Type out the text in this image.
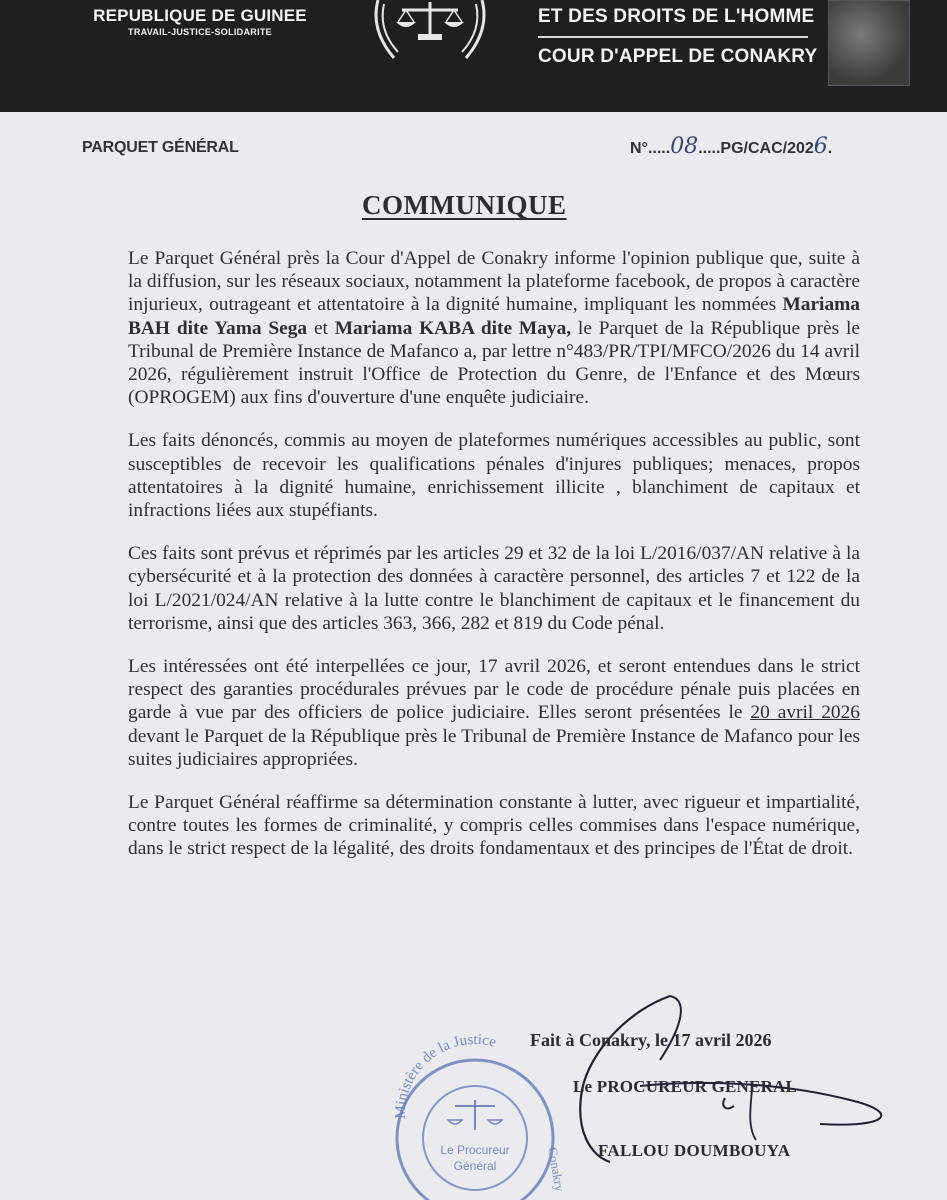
REPUBLIQUE DE GUINEE
TRAVAIL-JUSTICE-SOLIDARITE
ET DES DROITS DE L'HOMME
COUR D'APPEL DE CONAKRY
PARQUET GÉNÉRAL	N°.....08.....PG/CAC/2026.
COMMUNIQUE

Le Parquet Général près la Cour d'Appel de Conakry informe l'opinion publique que, suite à la diffusion, sur les réseaux sociaux, notamment la plateforme facebook, de propos à caractère injurieux, outrageant et attentatoire à la dignité humaine, impliquant les nommées Mariama BAH dite Yama Sega et Mariama KABA dite Maya, le Parquet de la République près le Tribunal de Première Instance de Mafanco a, par lettre n°483/PR/TPI/MFCO/2026 du 14 avril 2026, régulièrement instruit l'Office de Protection du Genre, de l'Enfance et des Mœurs (OPROGEM) aux fins d'ouverture d'une enquête judiciaire.

Les faits dénoncés, commis au moyen de plateformes numériques accessibles au public, sont susceptibles de recevoir les qualifications pénales d'injures publiques; menaces, propos attentatoires à la dignité humaine, enrichissement illicite , blanchiment de capitaux et infractions liées aux stupéfiants.

Ces faits sont prévus et réprimés par les articles 29 et 32 de la loi L/2016/037/AN relative à la cybersécurité et à la protection des données à caractère personnel, des articles 7 et 122 de la loi L/2021/024/AN relative à la lutte contre le blanchiment de capitaux et le financement du terrorisme, ainsi que des articles 363, 366, 282 et 819 du Code pénal.

Les intéressées ont été interpellées ce jour, 17 avril 2026, et seront entendues dans le strict respect des garanties procédurales prévues par le code de procédure pénale puis placées en garde à vue par des officiers de police judiciaire. Elles seront présentées le 20 avril 2026 devant le Parquet de la République près le Tribunal de Première Instance de Mafanco pour les suites judiciaires appropriées.

Le Parquet Général réaffirme sa détermination constante à lutter, avec rigueur et impartialité, contre toutes les formes de criminalité, y compris celles commises dans l'espace numérique, dans le strict respect de la légalité, des droits fondamentaux et des principes de l'État de droit.

Ministère de la Justice
Le Procureur
Général	Conakry
Fait à Conakry, le 17 avril 2026
Le PROCUREUR GENERAL
FALLOU DOUMBOUYA
